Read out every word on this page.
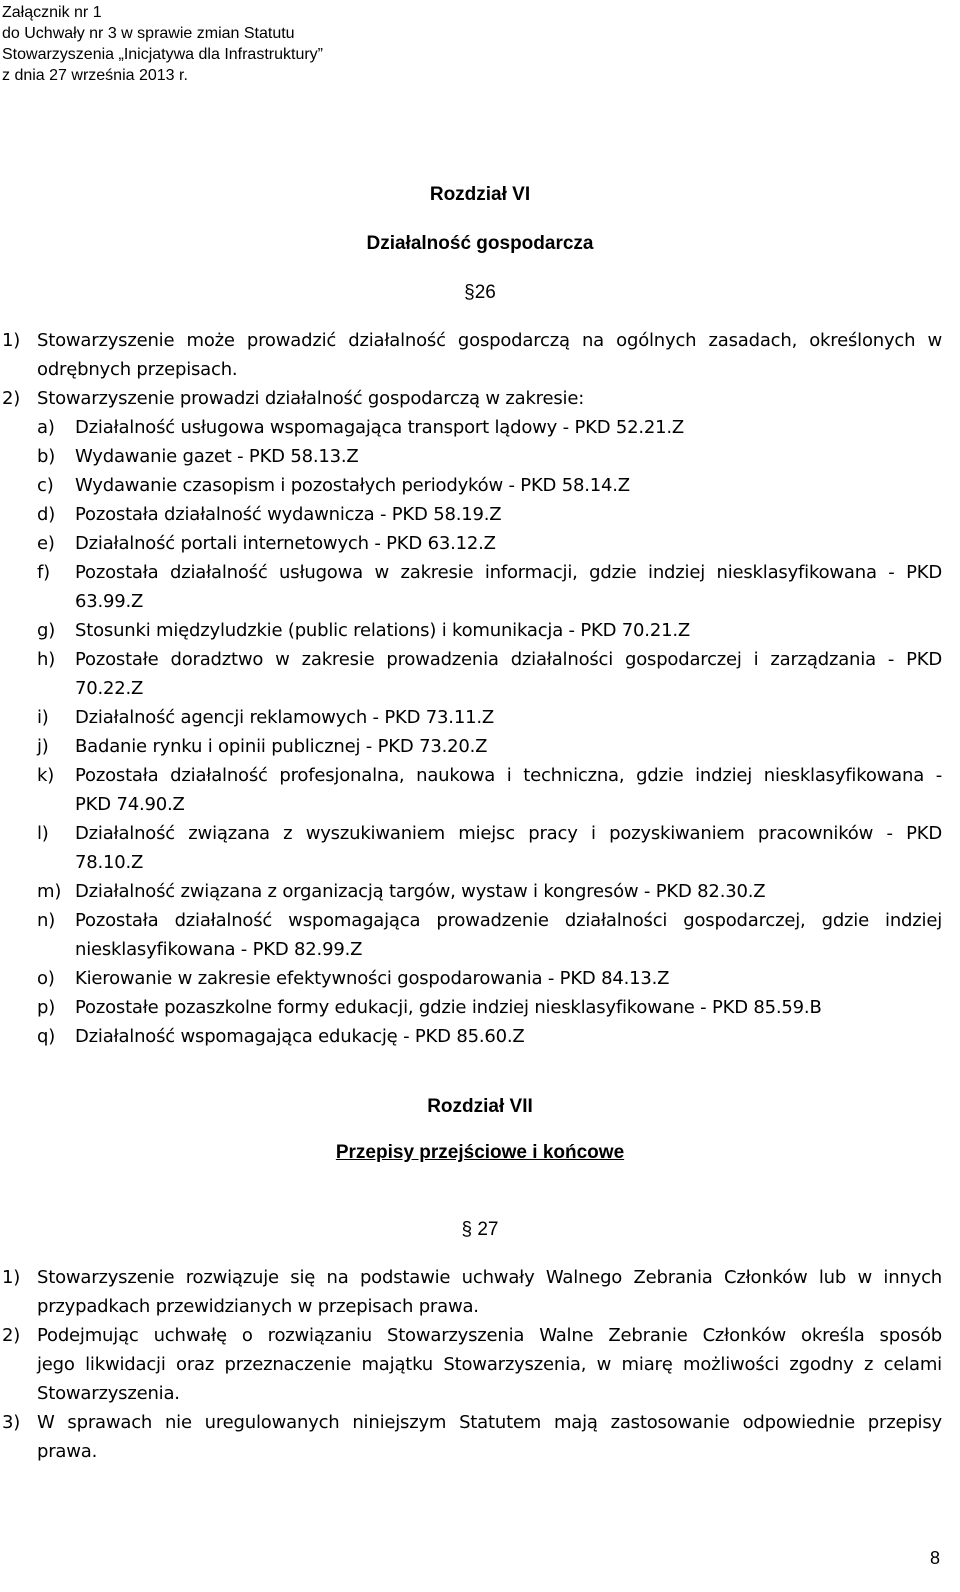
Załącznik nr 1
do Uchwały nr 3 w sprawie zmian Statutu
Stowarzyszenia „Inicjatywa dla Infrastruktury”
z dnia 27 września 2013 r.
Rozdział VI
Działalność gospodarcza
§26
1) Stowarzyszenie może prowadzić działalność gospodarczą na ogólnych zasadach, określonych w
odrębnych przepisach.
2) Stowarzyszenie prowadzi działalność gospodarczą w zakresie:
a) Działalność usługowa wspomagająca transport lądowy - PKD 52.21.Z
b) Wydawanie gazet - PKD 58.13.Z
c) Wydawanie czasopism i pozostałych periodyków - PKD 58.14.Z
d) Pozostała działalność wydawnicza - PKD 58.19.Z
e) Działalność portali internetowych - PKD 63.12.Z
f) Pozostała działalność usługowa w zakresie informacji, gdzie indziej niesklasyfikowana - PKD
63.99.Z
g) Stosunki międzyludzkie (public relations) i komunikacja - PKD 70.21.Z
h) Pozostałe doradztwo w zakresie prowadzenia działalności gospodarczej i zarządzania - PKD
70.22.Z
i) Działalność agencji reklamowych - PKD 73.11.Z
j) Badanie rynku i opinii publicznej - PKD 73.20.Z
k) Pozostała działalność profesjonalna, naukowa i techniczna, gdzie indziej niesklasyfikowana -
PKD 74.90.Z
l) Działalność związana z wyszukiwaniem miejsc pracy i pozyskiwaniem pracowników - PKD
78.10.Z
m) Działalność związana z organizacją targów, wystaw i kongresów - PKD 82.30.Z
n) Pozostała działalność wspomagająca prowadzenie działalności gospodarczej, gdzie indziej
niesklasyfikowana - PKD 82.99.Z
o) Kierowanie w zakresie efektywności gospodarowania - PKD 84.13.Z
p) Pozostałe pozaszkolne formy edukacji, gdzie indziej niesklasyfikowane - PKD 85.59.B
q) Działalność wspomagająca edukację - PKD 85.60.Z
Rozdział VII
Przepisy przejściowe i końcowe
§ 27
1) Stowarzyszenie rozwiązuje się na podstawie uchwały Walnego Zebrania Członków lub w innych
przypadkach przewidzianych w przepisach prawa.
2) Podejmując uchwałę o rozwiązaniu Stowarzyszenia Walne Zebranie Członków określa sposób
jego likwidacji oraz przeznaczenie majątku Stowarzyszenia, w miarę możliwości zgodny z celami
Stowarzyszenia.
3) W sprawach nie uregulowanych niniejszym Statutem mają zastosowanie odpowiednie przepisy
prawa.
8
